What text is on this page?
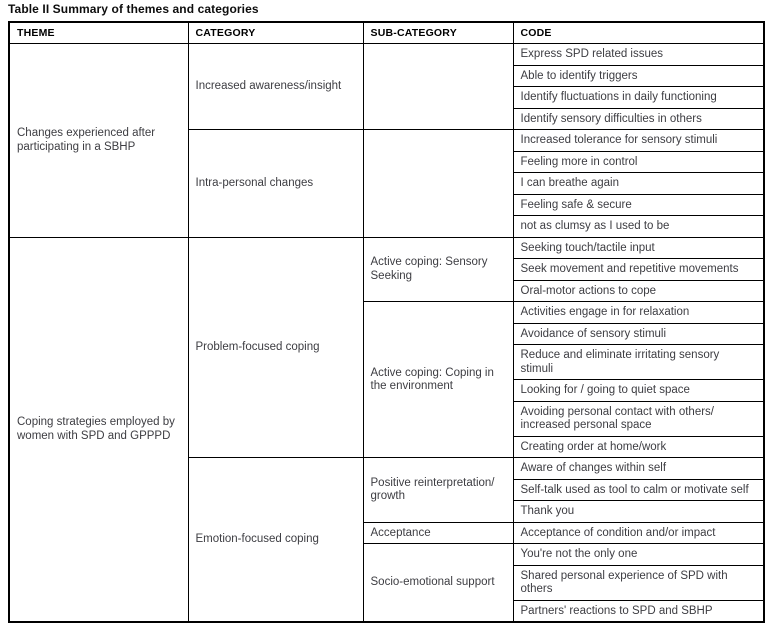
Table II Summary of themes and categories
THEME	CATEGORY	SUB-CATEGORY	CODE
Changes experienced after participating in a SBHP	Increased awareness/insight		Express SPD related issues
			Able to identify triggers
			Identify fluctuations in daily functioning
			Identify sensory difficulties in others
	Intra-personal changes		Increased tolerance for sensory stimuli
			Feeling more in control
			I can breathe again
			Feeling safe & secure
			not as clumsy as I used to be
Coping strategies employed by women with SPD and GPPPD	Problem-focused coping	Active coping: Sensory Seeking	Seeking touch/tactile input
			Seek movement and repetitive movements
			Oral-motor actions to cope
		Active coping: Coping in the environment	Activities engage in for relaxation
			Avoidance of sensory stimuli
			Reduce and eliminate irritating sensory stimuli
			Looking for / going to quiet space
			Avoiding personal contact with others/ increased personal space
			Creating order at home/work
	Emotion-focused coping	Positive reinterpretation/ growth	Aware of changes within self
			Self-talk used as tool to calm or motivate self
			Thank you
		Acceptance	Acceptance of condition and/or impact
		Socio-emotional support	You're not the only one
			Shared personal experience of SPD with others
			Partners' reactions to SPD and SBHP
